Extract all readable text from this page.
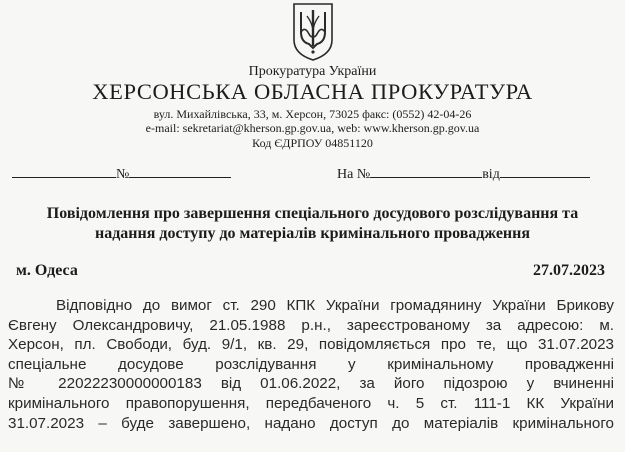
Прокуратура України
ХЕРСОНСЬКА ОБЛАСНА ПРОКУРАТУРА
вул. Михайлівська, 33, м. Херсон, 73025 факс: (0552) 42-04-26
e-mail: sekretariat@kherson.gp.gov.ua, web: www.kherson.gp.gov.ua
Код ЄДРПОУ 04851120
№	На №	від
Повідомлення про завершення спеціального досудового розслідування та
надання доступу до матеріалів кримінального провадження
м. Одеса	27.07.2023
Відповідно до вимог ст. 290 КПК України громадянину України Брикову
Євгену Олександровичу, 21.05.1988 р.н., зареєстрованому за адресою: м.
Херсон, пл. Свободи, буд. 9/1, кв. 29, повідомляється про те, що 31.07.2023
спеціальне досудове розслідування у кримінальному провадженні
№ 22022230000000183 від 01.06.2022, за його підозрою у вчиненні
кримінального правопорушення, передбаченого ч. 5 ст. 111-1 КК України
31.07.2023 – буде завершено, надано доступ до матеріалів кримінального
